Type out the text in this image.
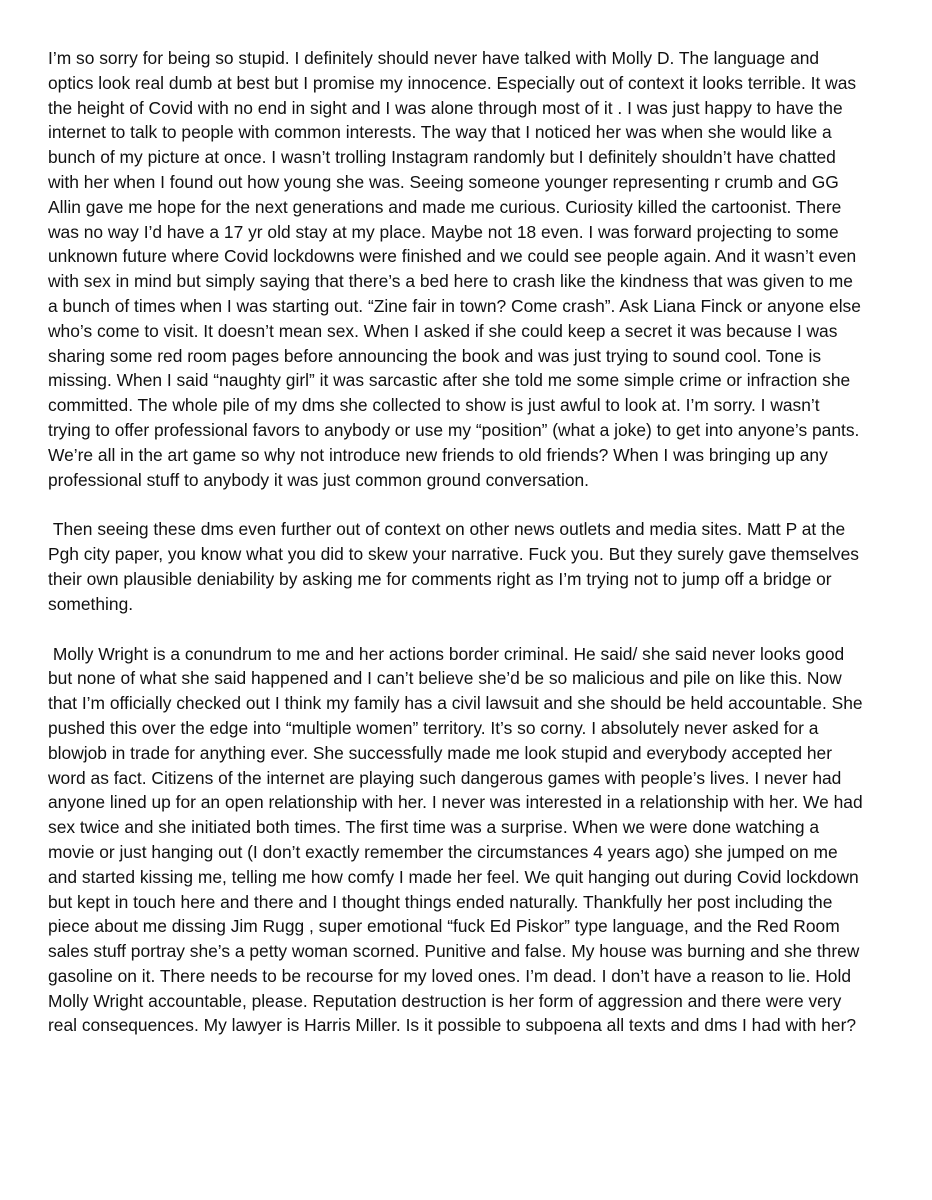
I’m so sorry for being so stupid. I definitely should never have talked with Molly D. The language and optics look real dumb at best but I promise my innocence. Especially out of context it looks terrible. It was the height of Covid with no end in sight and I was alone through most of it . I was just happy to have the internet to talk to people with common interests. The way that I noticed her was when she would like a bunch of my picture at once. I wasn’t trolling Instagram randomly but I definitely shouldn’t have chatted with her when I found out how young she was. Seeing someone younger representing r crumb and GG Allin gave me hope for the next generations and made me curious. Curiosity killed the cartoonist. There was no way I’d have a 17 yr old stay at my place. Maybe not 18 even. I was forward projecting to some unknown future where Covid lockdowns were finished and we could see people again. And it wasn’t even with sex in mind but simply saying that there’s a bed here to crash like the kindness that was given to me a bunch of times when I was starting out. “Zine fair in town? Come crash”. Ask Liana Finck or anyone else who’s come to visit. It doesn’t mean sex. When I asked if she could keep a secret it was because I was sharing some red room pages before announcing the book and was just trying to sound cool. Tone is missing. When I said “naughty girl” it was sarcastic after she told me some simple crime or infraction she committed. The whole pile of my dms she collected to show is just awful to look at. I’m sorry. I wasn’t trying to offer professional favors to anybody or use my “position” (what a joke) to get into anyone’s pants. We’re all in the art game so why not introduce new friends to old friends? When I was bringing up any professional stuff to anybody it was just common ground conversation.

Then seeing these dms even further out of context on other news outlets and media sites. Matt P at the Pgh city paper, you know what you did to skew your narrative. Fuck you. But they surely gave themselves their own plausible deniability by asking me for comments right as I’m trying not to jump off a bridge or something.

Molly Wright is a conundrum to me and her actions border criminal. He said/ she said never looks good but none of what she said happened and I can’t believe she’d be so malicious and pile on like this. Now that I’m officially checked out I think my family has a civil lawsuit and she should be held accountable. She pushed this over the edge into “multiple women” territory. It’s so corny. I absolutely never asked for a blowjob in trade for anything ever. She successfully made me look stupid and everybody accepted her word as fact. Citizens of the internet are playing such dangerous games with people’s lives. I never had anyone lined up for an open relationship with her. I never was interested in a relationship with her. We had sex twice and she initiated both times. The first time was a surprise. When we were done watching a movie or just hanging out (I don’t exactly remember the circumstances 4 years ago) she jumped on me and started kissing me, telling me how comfy I made her feel. We quit hanging out during Covid lockdown but kept in touch here and there and I thought things ended naturally. Thankfully her post including the piece about me dissing Jim Rugg , super emotional “fuck Ed Piskor” type language, and the Red Room sales stuff portray she’s a petty woman scorned. Punitive and false. My house was burning and she threw gasoline on it. There needs to be recourse for my loved ones. I’m dead. I don’t have a reason to lie. Hold Molly Wright accountable, please. Reputation destruction is her form of aggression and there were very real consequences. My lawyer is Harris Miller. Is it possible to subpoena all texts and dms I had with her?
